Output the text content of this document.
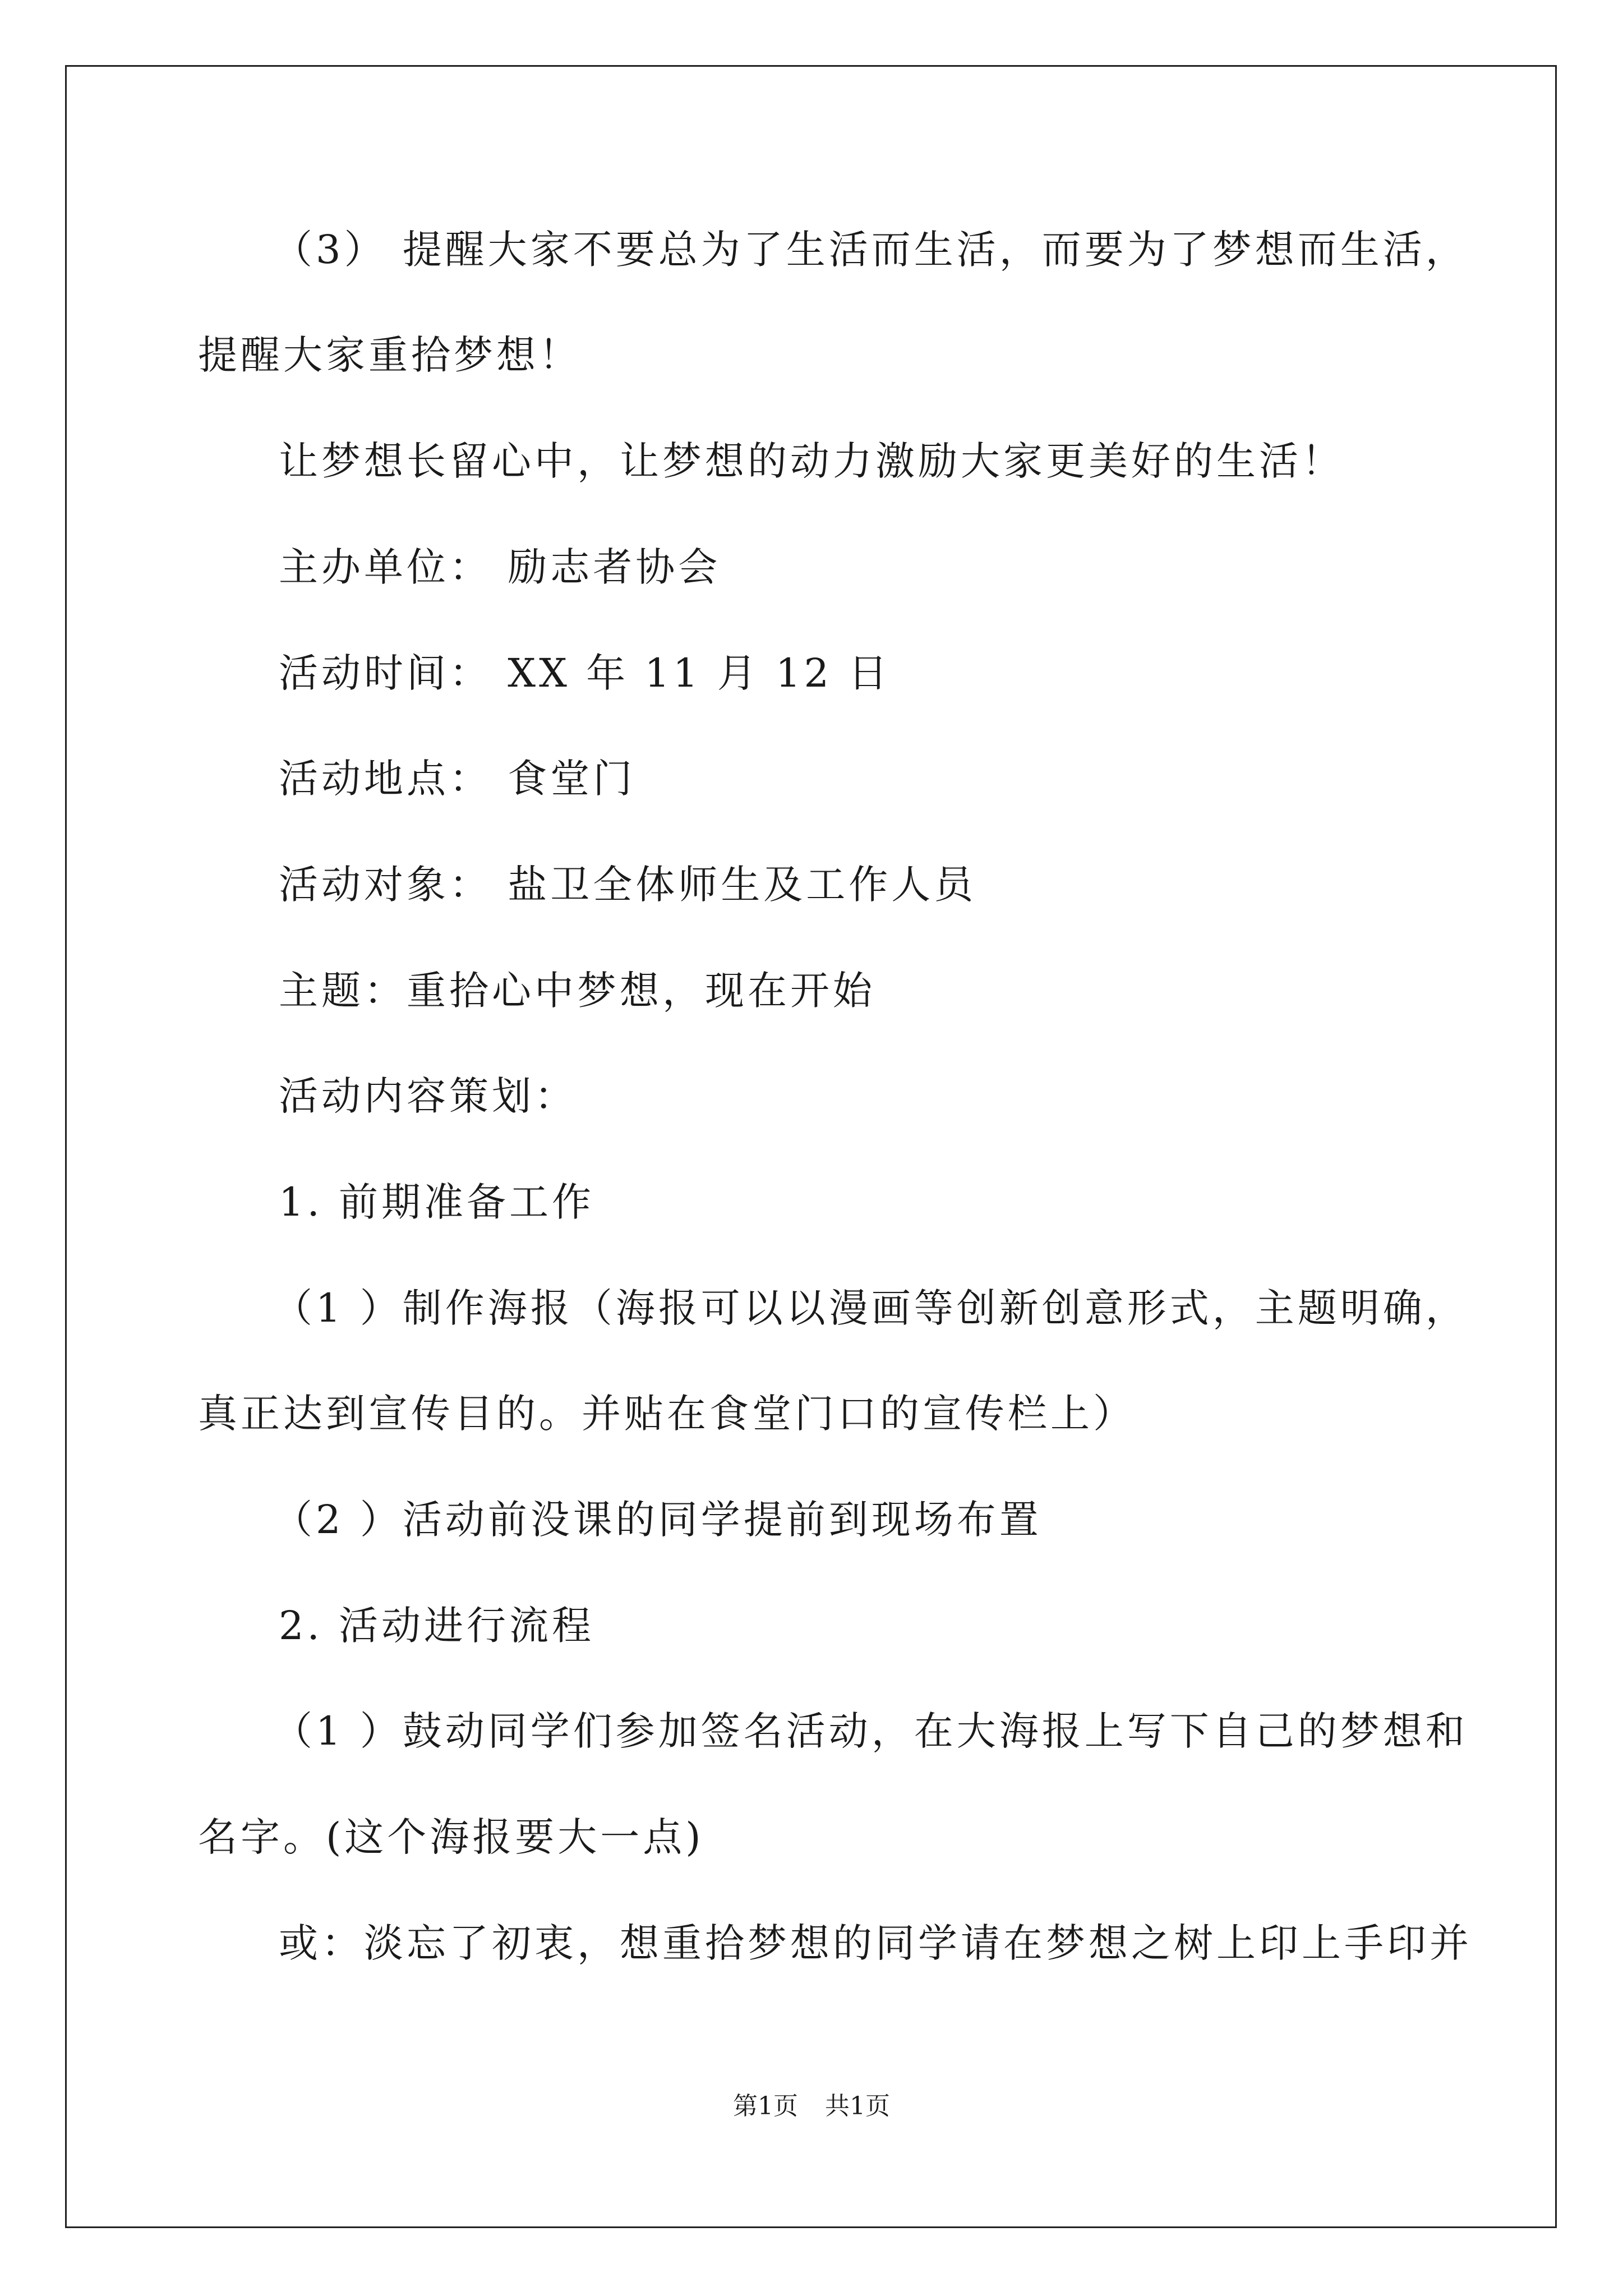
（3） 提醒大家不要总为了生活而生活，而要为了梦想而生活，
提醒大家重拾梦想！
让梦想长留心中，让梦想的动力激励大家更美好的生活！
主办单位： 励志者协会
活动时间： XX 年 11 月 12 日
活动地点： 食堂门
活动对象： 盐卫全体师生及工作人员
主题：重拾心中梦想，现在开始
活动内容策划：
1. 前期准备工作
（1 ）制作海报（海报可以以漫画等创新创意形式，主题明确，
真正达到宣传目的。并贴在食堂门口的宣传栏上）
（2 ）活动前没课的同学提前到现场布置
2. 活动进行流程
（1 ）鼓动同学们参加签名活动，在大海报上写下自己的梦想和
名字。(这个海报要大一点)
或：淡忘了初衷，想重拾梦想的同学请在梦想之树上印上手印并
第1页 共1页
